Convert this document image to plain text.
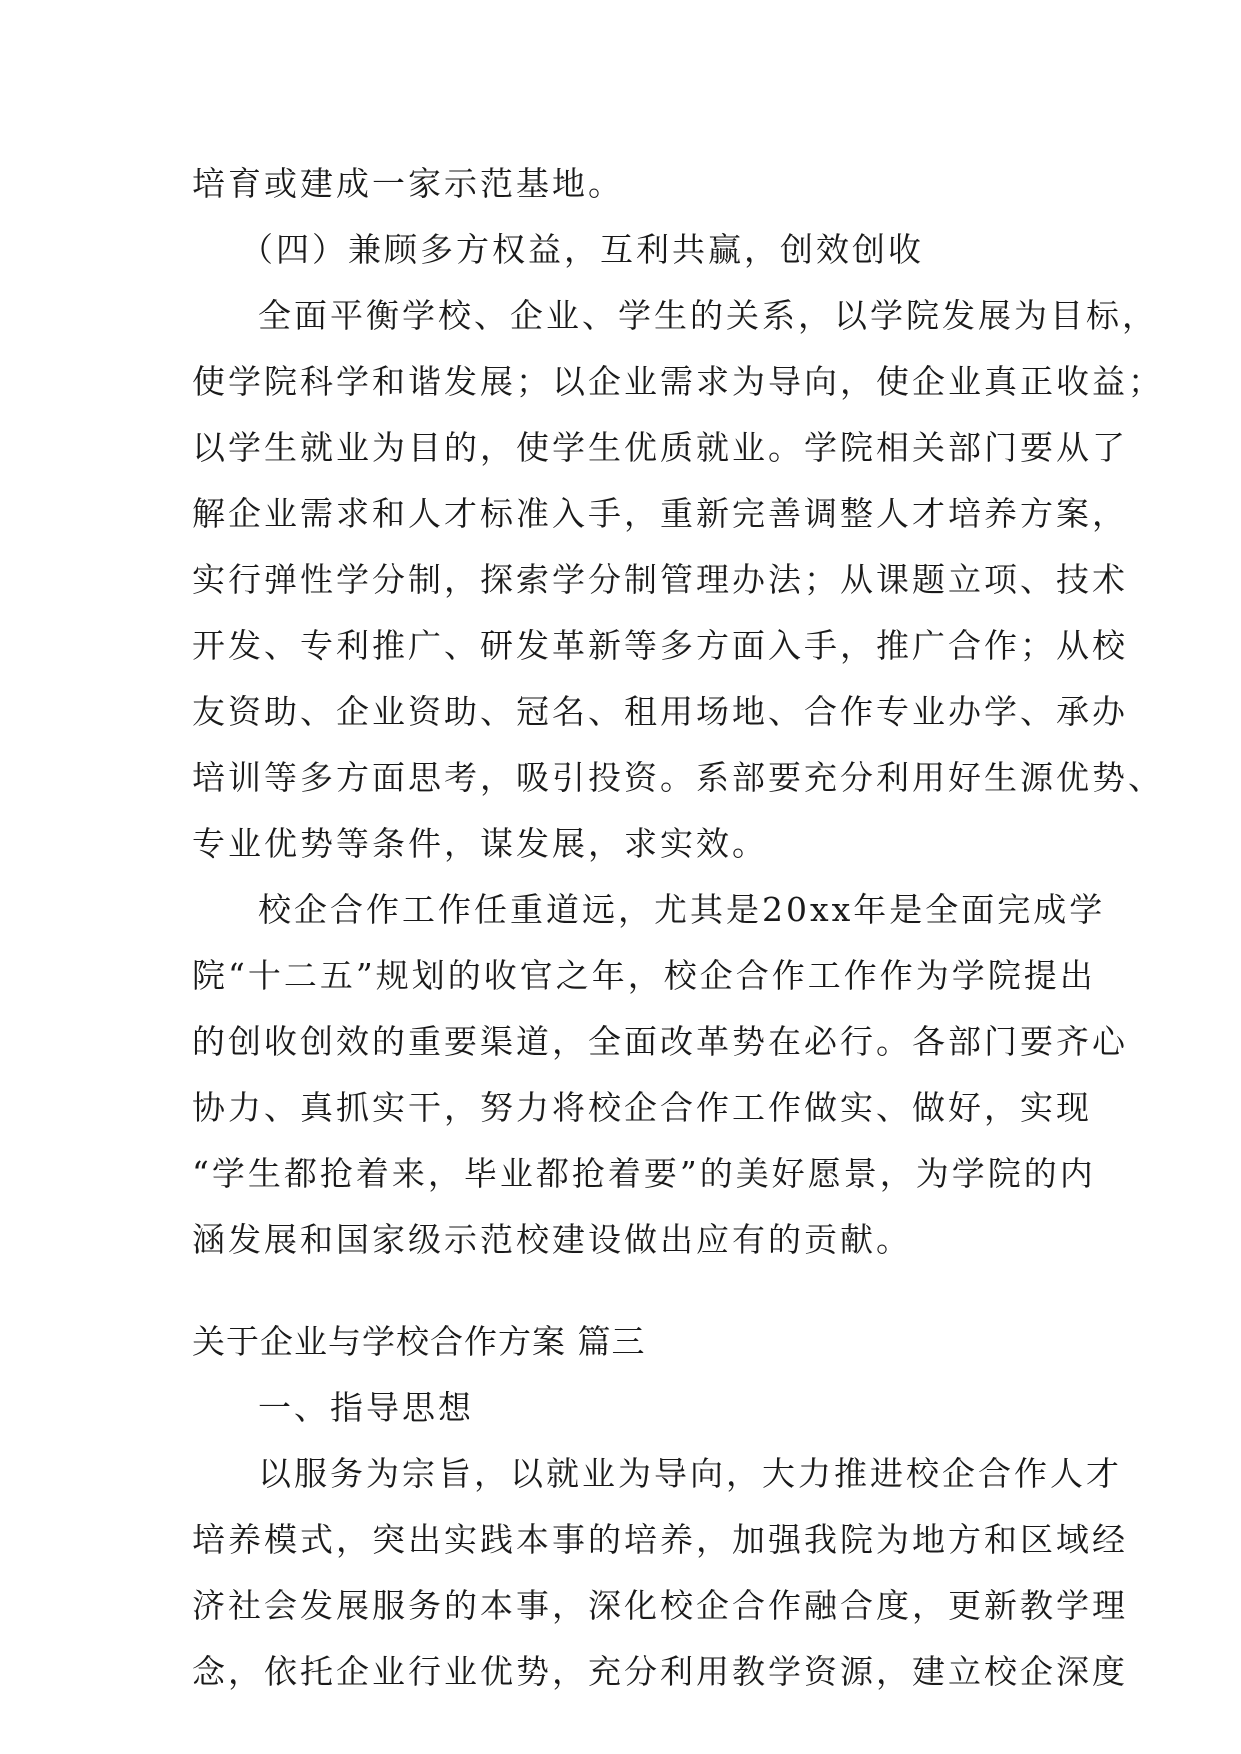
培育或建成一家示范基地。
（四）兼顾多方权益，互利共赢，创效创收
全面平衡学校、企业、学生的关系，以学院发展为目标，
使学院科学和谐发展；以企业需求为导向，使企业真正收益；
以学生就业为目的，使学生优质就业。学院相关部门要从了
解企业需求和人才标准入手，重新完善调整人才培养方案，
实行弹性学分制，探索学分制管理办法；从课题立项、技术
开发、专利推广、研发革新等多方面入手，推广合作；从校
友资助、企业资助、冠名、租用场地、合作专业办学、承办
培训等多方面思考，吸引投资。系部要充分利用好生源优势、
专业优势等条件，谋发展，求实效。
校企合作工作任重道远，尤其是20xx年是全面完成学
院“十二五”规划的收官之年，校企合作工作作为学院提出
的创收创效的重要渠道，全面改革势在必行。各部门要齐心
协力、真抓实干，努力将校企合作工作做实、做好，实现
“学生都抢着来，毕业都抢着要”的美好愿景，为学院的内
涵发展和国家级示范校建设做出应有的贡献。
关于企业与学校合作方案 篇三
一、指导思想
以服务为宗旨，以就业为导向，大力推进校企合作人才
培养模式，突出实践本事的培养，加强我院为地方和区域经
济社会发展服务的本事，深化校企合作融合度，更新教学理
念，依托企业行业优势，充分利用教学资源，建立校企深度
